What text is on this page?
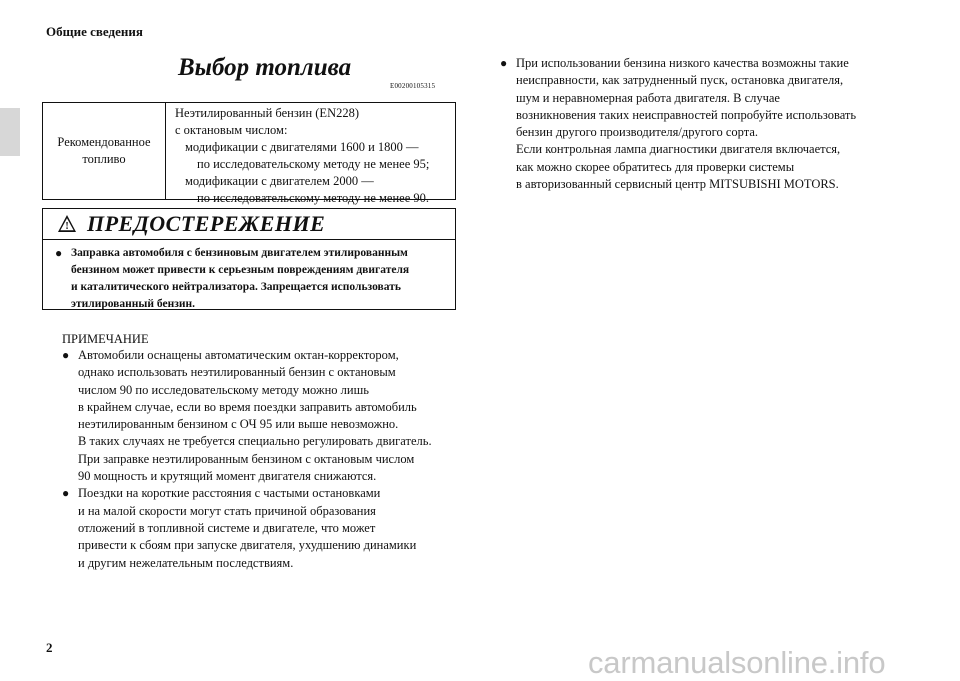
Общие сведения
Выбор топлива
E00200105315
Рекомендованное
топливо
Неэтилированный бензин (EN228)
с октановым числом:
модификации с двигателями 1600 и 1800 —
по исследовательскому методу не менее 95;
модификации с двигателем 2000 —
по исследовательскому методу не менее 90.
! ПРЕДОСТЕРЕЖЕНИЕ
● Заправка автомобиля с бензиновым двигателем этилированным
бензином может привести к серьезным повреждениям двигателя
и каталитического нейтрализатора. Запрещается использовать
этилированный бензин.
ПРИМЕЧАНИЕ
● Автомобили оснащены автоматическим октан-корректором,
однако использовать неэтилированный бензин с октановым
числом 90 по исследовательскому методу можно лишь
в крайнем случае, если во время поездки заправить автомобиль
неэтилированным бензином с ОЧ 95 или выше невозможно.
В таких случаях не требуется специально регулировать двигатель.
При заправке неэтилированным бензином с октановым числом
90 мощность и крутящий момент двигателя снижаются.
● Поездки на короткие расстояния с частыми остановками
и на малой скорости могут стать причиной образования
отложений в топливной системе и двигателе, что может
привести к сбоям при запуске двигателя, ухудшению динамики
и другим нежелательным последствиям.
● При использовании бензина низкого качества возможны такие
неисправности, как затрудненный пуск, остановка двигателя,
шум и неравномерная работа двигателя. В случае
возникновения таких неисправностей попробуйте использовать
бензин другого производителя/другого сорта.
Если контрольная лампа диагностики двигателя включается,
как можно скорее обратитесь для проверки системы
в авторизованный сервисный центр MITSUBISHI MOTORS.
2	carmanualsonline.info
